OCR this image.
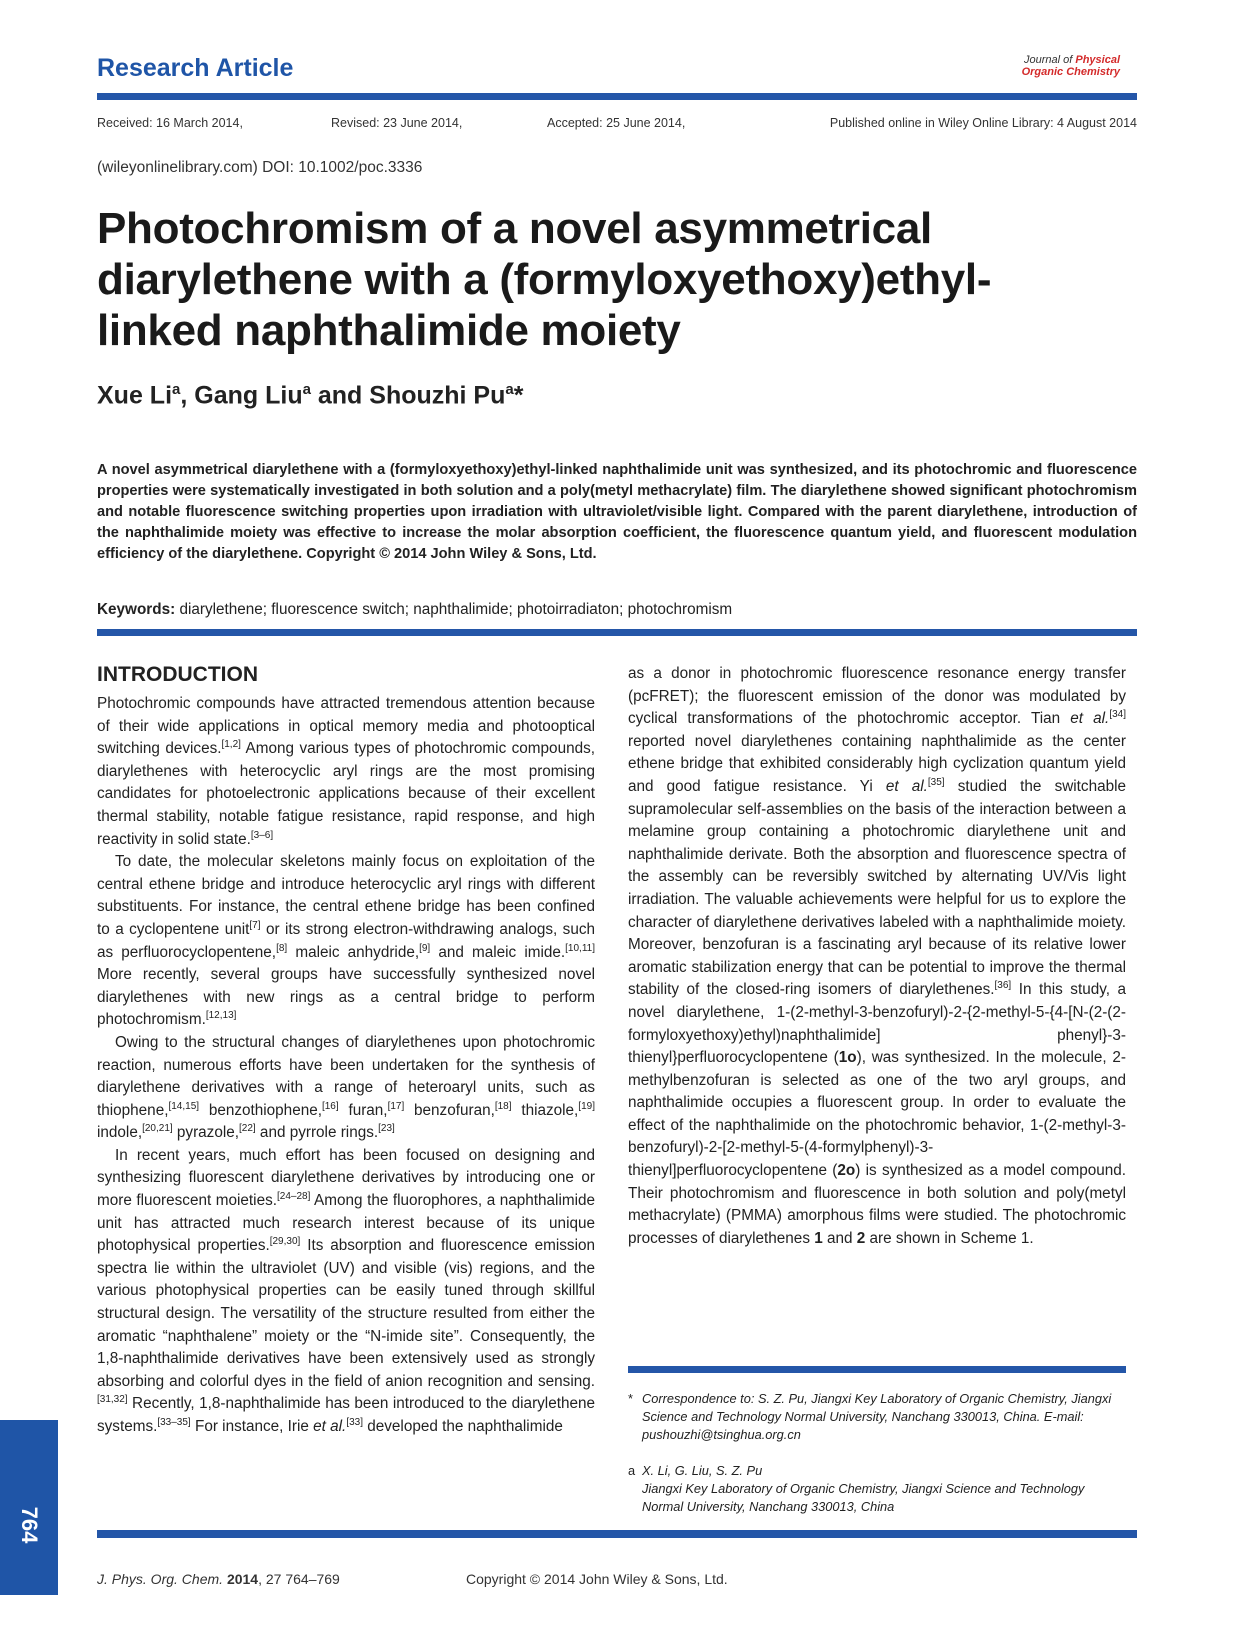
Research Article	Journal of Physical
Organic Chemistry
Received: 16 March 2014,	Revised: 23 June 2014,	Accepted: 25 June 2014,	Published online in Wiley Online Library: 4 August 2014
(wileyonlinelibrary.com) DOI: 10.1002/poc.3336
Photochromism of a novel asymmetrical
diarylethene with a (formyloxyethoxy)ethyl-
linked naphthalimide moiety
Xue Li$^a$, Gang Liu$^a$ and Shouzhi Pu$^a$*
A novel asymmetrical diarylethene with a (formyloxyethoxy)ethyl-linked naphthalimide unit was synthesized, and its photochromic and fluorescence properties were systematically investigated in both solution and a poly(metyl methacrylate) film. The diarylethene showed significant photochromism and notable fluorescence switching properties upon irradiation with ultraviolet/visible light. Compared with the parent diarylethene, introduction of the naphthalimide moiety was effective to increase the molar absorption coefficient, the fluorescence quantum yield, and fluorescent modulation efficiency of the diarylethene. Copyright © 2014 John Wiley & Sons, Ltd.
Keywords: diarylethene; fluorescence switch; naphthalimide; photoirradiaton; photochromism
INTRODUCTION

Photochromic compounds have attracted tremendous attention because of their wide applications in optical memory media and photooptical switching devices.[1,2] Among various types of photochromic compounds, diarylethenes with heterocyclic aryl rings are the most promising candidates for photoelectronic applications because of their excellent thermal stability, notable fatigue resistance, rapid response, and high reactivity in solid state.[3–6]

To date, the molecular skeletons mainly focus on exploitation of the central ethene bridge and introduce heterocyclic aryl rings with different substituents. For instance, the central ethene bridge has been confined to a cyclopentene unit[7] or its strong electron-withdrawing analogs, such as perfluorocyclopentene,[8] maleic anhydride,[9] and maleic imide.[10,11] More recently, several groups have successfully synthesized novel diarylethenes with new rings as a central bridge to perform photochromism.[12,13]

Owing to the structural changes of diarylethenes upon photochromic reaction, numerous efforts have been undertaken for the synthesis of diarylethene derivatives with a range of heteroaryl units, such as thiophene,[14,15] benzothiophene,[16] furan,[17] benzofuran,[18] thiazole,[19] indole,[20,21] pyrazole,[22] and pyrrole rings.[23]

In recent years, much effort has been focused on designing and synthesizing fluorescent diarylethene derivatives by introducing one or more fluorescent moieties.[24–28] Among the fluorophores, a naphthalimide unit has attracted much research interest because of its unique photophysical properties.[29,30] Its absorption and fluorescence emission spectra lie within the ultraviolet (UV) and visible (vis) regions, and the various photophysical properties can be easily tuned through skillful structural design. The versatility of the structure resulted from either the aromatic “naphthalene” moiety or the “N-imide site”. Consequently, the 1,8-naphthalimide derivatives have been extensively used as strongly absorbing and colorful dyes in the field of anion recognition and sensing.[31,32] Recently, 1,8-naphthalimide has been introduced to the diarylethene systems.[33–35] For instance, Irie et al.[33] developed the naphthalimide

as a donor in photochromic fluorescence resonance energy transfer (pcFRET); the fluorescent emission of the donor was modulated by cyclical transformations of the photochromic acceptor. Tian et al.[34] reported novel diarylethenes containing naphthalimide as the center ethene bridge that exhibited considerably high cyclization quantum yield and good fatigue resistance. Yi et al.[35] studied the switchable supramolecular self-assemblies on the basis of the interaction between a melamine group containing a photochromic diarylethene unit and naphthalimide derivate. Both the absorption and fluorescence spectra of the assembly can be reversibly switched by alternating UV/Vis light irradiation. The valuable achievements were helpful for us to explore the character of diarylethene derivatives labeled with a naphthalimide moiety. Moreover, benzofuran is a fascinating aryl because of its relative lower aromatic stabilization energy that can be potential to improve the thermal stability of the closed-ring isomers of diarylethenes.[36] In this study, a novel diarylethene, 1-(2-methyl-3-benzofuryl)-2-{2-methyl-5-{4-[N-(2-(2-formyloxyethoxy)ethyl)naphthalimide] phenyl}-3-thienyl}perfluorocyclopentene (1o), was synthesized. In the molecule, 2-methylbenzofuran is selected as one of the two aryl groups, and naphthalimide occupies a fluorescent group. In order to evaluate the effect of the naphthalimide on the photochromic behavior, 1-(2-methyl-3-benzofuryl)-2-[2-methyl-5-(4-formylphenyl)-3-thienyl]perfluorocyclopentene (2o) is synthesized as a model compound. Their photochromism and fluorescence in both solution and poly(metyl methacrylate) (PMMA) amorphous films were studied. The photochromic processes of diarylethenes 1 and 2 are shown in Scheme 1.

* Correspondence to: S. Z. Pu, Jiangxi Key Laboratory of Organic Chemistry, Jiangxi Science and Technology Normal University, Nanchang 330013, China. E-mail: pushouzhi@tsinghua.org.cn
a X. Li, G. Liu, S. Z. Pu
Jiangxi Key Laboratory of Organic Chemistry, Jiangxi Science and Technology Normal University, Nanchang 330013, China
764
J. Phys. Org. Chem. 2014, 27 764–769	Copyright © 2014 John Wiley & Sons, Ltd.
